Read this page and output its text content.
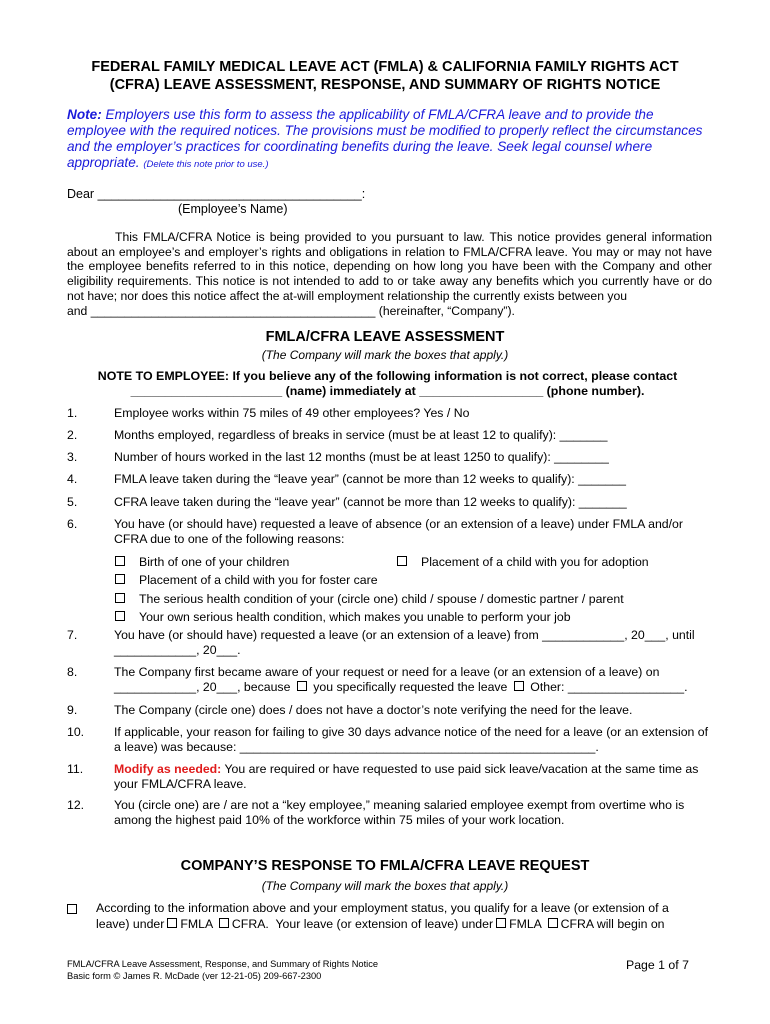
FEDERAL FAMILY MEDICAL LEAVE ACT (FMLA) & CALIFORNIA FAMILY RIGHTS ACT
(CFRA) LEAVE ASSESSMENT, RESPONSE, AND SUMMARY OF RIGHTS NOTICE
Note: Employers use this form to assess the applicability of FMLA/CFRA leave and to provide the employee with the required notices. The provisions must be modified to properly reflect the circumstances and the employer’s practices for coordinating benefits during the leave. Seek legal counsel where appropriate. (Delete this note prior to use.)
Dear ______________________________________:
(Employee’s Name)
This FMLA/CFRA Notice is being provided to you pursuant to law. This notice provides general information about an employee’s and employer’s rights and obligations in relation to FMLA/CFRA leave. You may or may not have the employee benefits referred to in this notice, depending on how long you have been with the Company and other eligibility requirements. This notice is not intended to add to or take away any benefits which you currently have or do not have; nor does this notice affect the at-will employment relationship the currently exists between you
and __________________________________________ (hereinafter, “Company”).
FMLA/CFRA LEAVE ASSESSMENT
(The Company will mark the boxes that apply.)
NOTE TO EMPLOYEE: If you believe any of the following information is not correct, please contact
______________________ (name) immediately at __________________ (phone number).
1.	Employee works within 75 miles of 49 other employees? Yes / No
2.	Months employed, regardless of breaks in service (must be at least 12 to qualify): _______
3.	Number of hours worked in the last 12 months (must be at least 1250 to qualify): ________
4.	FMLA leave taken during the “leave year” (cannot be more than 12 weeks to qualify): _______
5.	CFRA leave taken during the “leave year” (cannot be more than 12 weeks to qualify): _______
6.	You have (or should have) requested a leave of absence (or an extension of a leave) under FMLA and/or CFRA due to one of the following reasons:
Birth of one of your children	Placement of a child with you for adoption
Placement of a child with you for foster care
The serious health condition of your (circle one) child / spouse / domestic partner / parent
Your own serious health condition, which makes you unable to perform your job
7.	You have (or should have) requested a leave (or an extension of a leave) from ____________, 20___, until ____________, 20___.
8.	The Company first became aware of your request or need for a leave (or an extension of a leave) on
____________, 20___, because you specifically requested the leave Other: _________________.
9.	The Company (circle one) does / does not have a doctor’s note verifying the need for the leave.
10. If applicable, your reason for failing to give 30 days advance notice of the need for a leave (or an extension of a leave) was because: ____________________________________________________.
11.	Modify as needed: You are required or have requested to use paid sick leave/vacation at the same time as your FMLA/CFRA leave.
12. You (circle one) are / are not a “key employee,” meaning salaried employee exempt from overtime who is among the highest paid 10% of the workforce within 75 miles of your work location.
COMPANY’S RESPONSE TO FMLA/CFRA LEAVE REQUEST
(The Company will mark the boxes that apply.)
According to the information above and your employment status, you qualify for a leave (or extension of a
leave) under FMLA CFRA. Your leave (or extension of leave) under FMLA CFRA will begin on
FMLA/CFRA Leave Assessment, Response, and Summary of Rights Notice
Basic form © James R. McDade (ver 12-21-05) 209-667-2300
Page 1 of 7
